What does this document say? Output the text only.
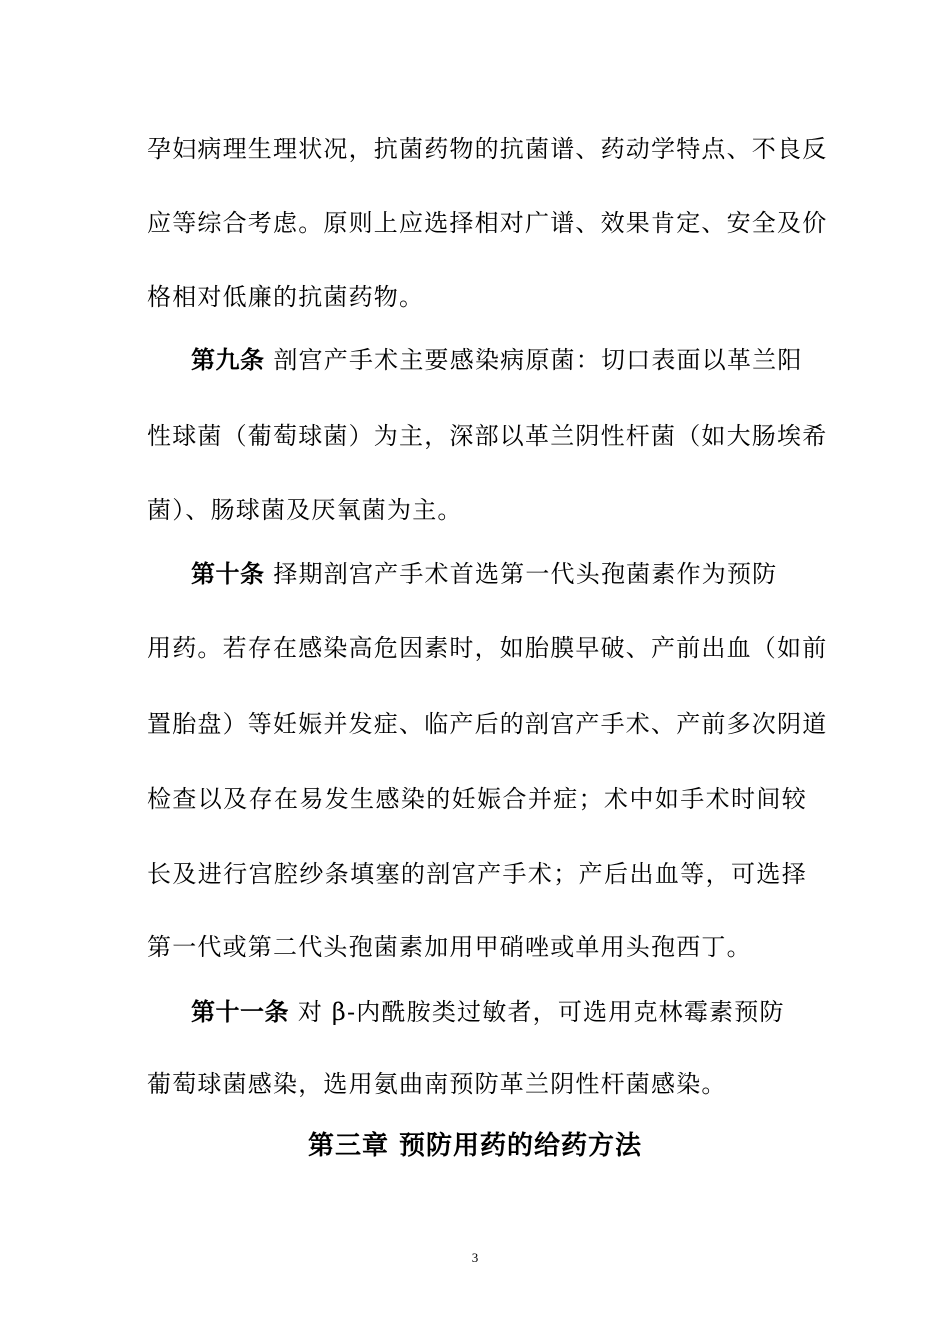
孕妇病理生理状况，抗菌药物的抗菌谱、药动学特点、不良反
应等综合考虑。原则上应选择相对广谱、效果肯定、安全及价
格相对低廉的抗菌药物。
第九条 剖宫产手术主要感染病原菌：切口表面以革兰阳
性球菌（葡萄球菌）为主，深部以革兰阴性杆菌（如大肠埃希
菌）、肠球菌及厌氧菌为主。
第十条 择期剖宫产手术首选第一代头孢菌素作为预防
用药。若存在感染高危因素时，如胎膜早破、产前出血（如前
置胎盘）等妊娠并发症、临产后的剖宫产手术、产前多次阴道
检查以及存在易发生感染的妊娠合并症；术中如手术时间较
长及进行宫腔纱条填塞的剖宫产手术；产后出血等，可选择
第一代或第二代头孢菌素加用甲硝唑或单用头孢西丁。
第十一条 对 β-内酰胺类过敏者，可选用克林霉素预防
葡萄球菌感染，选用氨曲南预防革兰阴性杆菌感染。
第三章 预防用药的给药方法
3
